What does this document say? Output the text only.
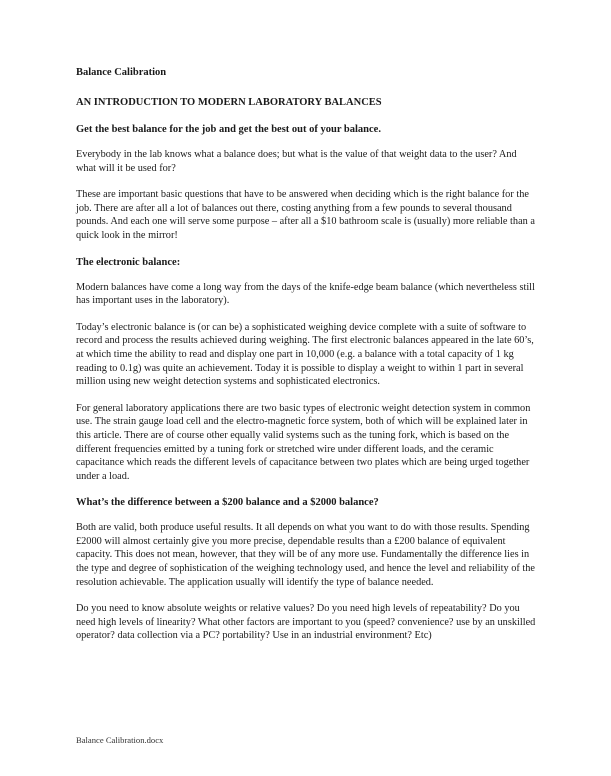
Balance Calibration
AN INTRODUCTION TO MODERN LABORATORY BALANCES
Get the best balance for the job and get the best out of your balance.

Everybody in the lab knows what a balance does; but what is the value of that weight data to the user? And what will it be used for?

These are important basic questions that have to be answered when deciding which is the right balance for the job. There are after all a lot of balances out there, costing anything from a few pounds to several thousand pounds. And each one will serve some purpose – after all a $10 bathroom scale is (usually) more reliable than a quick look in the mirror!

The electronic balance:

Modern balances have come a long way from the days of the knife-edge beam balance (which nevertheless still has important uses in the laboratory).

Today’s electronic balance is (or can be) a sophisticated weighing device complete with a suite of software to record and process the results achieved during weighing. The first electronic balances appeared in the late 60’s, at which time the ability to read and display one part in 10,000 (e.g. a balance with a total capacity of 1 kg reading to 0.1g) was quite an achievement. Today it is possible to display a weight to within 1 part in several million using new weight detection systems and sophisticated electronics.

For general laboratory applications there are two basic types of electronic weight detection system in common use. The strain gauge load cell and the electro-magnetic force system, both of which will be explained later in this article. There are of course other equally valid systems such as the tuning fork, which is based on the different frequencies emitted by a tuning fork or stretched wire under different loads, and the ceramic capacitance which reads the different levels of capacitance between two plates which are being urged together under a load.

What’s the difference between a $200 balance and a $2000 balance?

Both are valid, both produce useful results. It all depends on what you want to do with those results. Spending £2000 will almost certainly give you more precise, dependable results than a £200 balance of equivalent capacity. This does not mean, however, that they will be of any more use. Fundamentally the difference lies in the type and degree of sophistication of the weighing technology used, and hence the level and reliability of the resolution achievable. The application usually will identify the type of balance needed.

Do you need to know absolute weights or relative values? Do you need high levels of repeatability? Do you need high levels of linearity? What other factors are important to you (speed? convenience? use by an unskilled operator? data collection via a PC? portability? Use in an industrial environment? Etc)

Balance Calibration.docx
